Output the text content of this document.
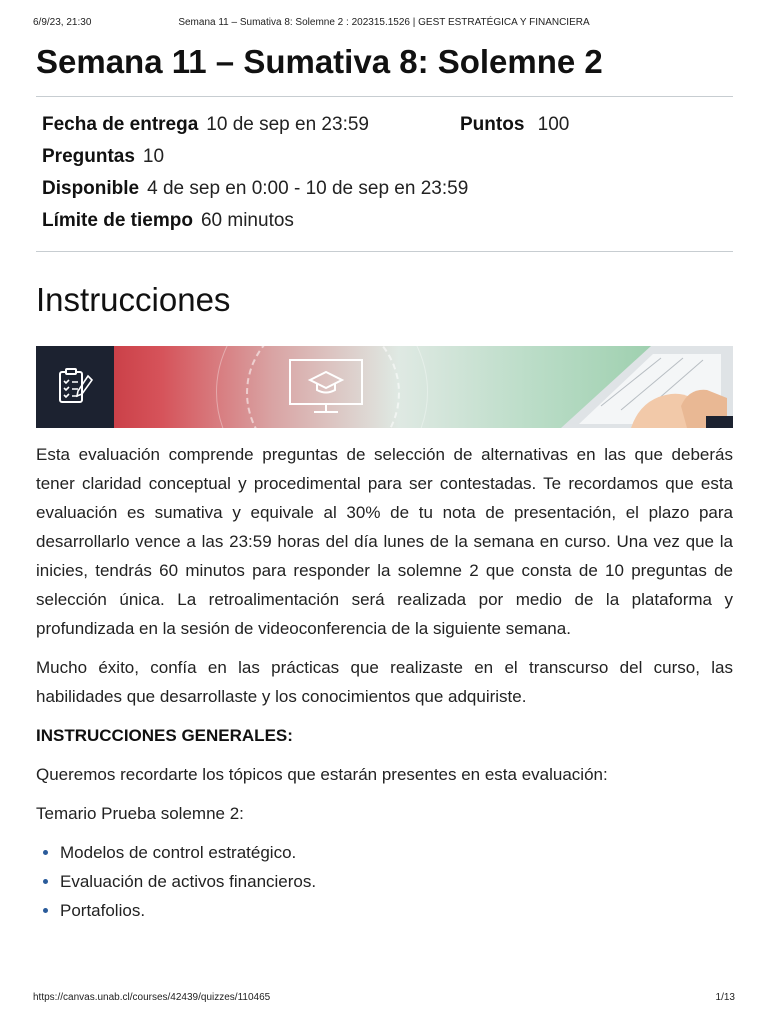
6/9/23, 21:30	Semana 11 – Sumativa 8: Solemne 2 : 202315.1526 | GEST ESTRATÉGICA Y FINANCIERA
Semana 11 – Sumativa 8: Solemne 2
Fecha de entrega 10 de sep en 23:59	Puntos 100
Preguntas 10
Disponible 4 de sep en 0:00 - 10 de sep en 23:59
Límite de tiempo 60 minutos
Instrucciones

Esta evaluación comprende preguntas de selección de alternativas en las que deberás tener claridad conceptual y procedimental para ser contestadas. Te recordamos que esta evaluación es sumativa y equivale al 30% de tu nota de presentación, el plazo para desarrollarlo vence a las 23:59 horas del día lunes de la semana en curso. Una vez que la inicies, tendrás 60 minutos para responder la solemne 2 que consta de 10 preguntas de selección única. La retroalimentación será realizada por medio de la plataforma y profundizada en la sesión de videoconferencia de la siguiente semana.

Mucho éxito, confía en las prácticas que realizaste en el transcurso del curso, las habilidades que desarrollaste y los conocimientos que adquiriste.

INSTRUCCIONES GENERALES:

Queremos recordarte los tópicos que estarán presentes en esta evaluación:

Temario Prueba solemne 2:

• Modelos de control estratégico.
• Evaluación de activos financieros.
• Portafolios.
https://canvas.unab.cl/courses/42439/quizzes/110465	1/13
